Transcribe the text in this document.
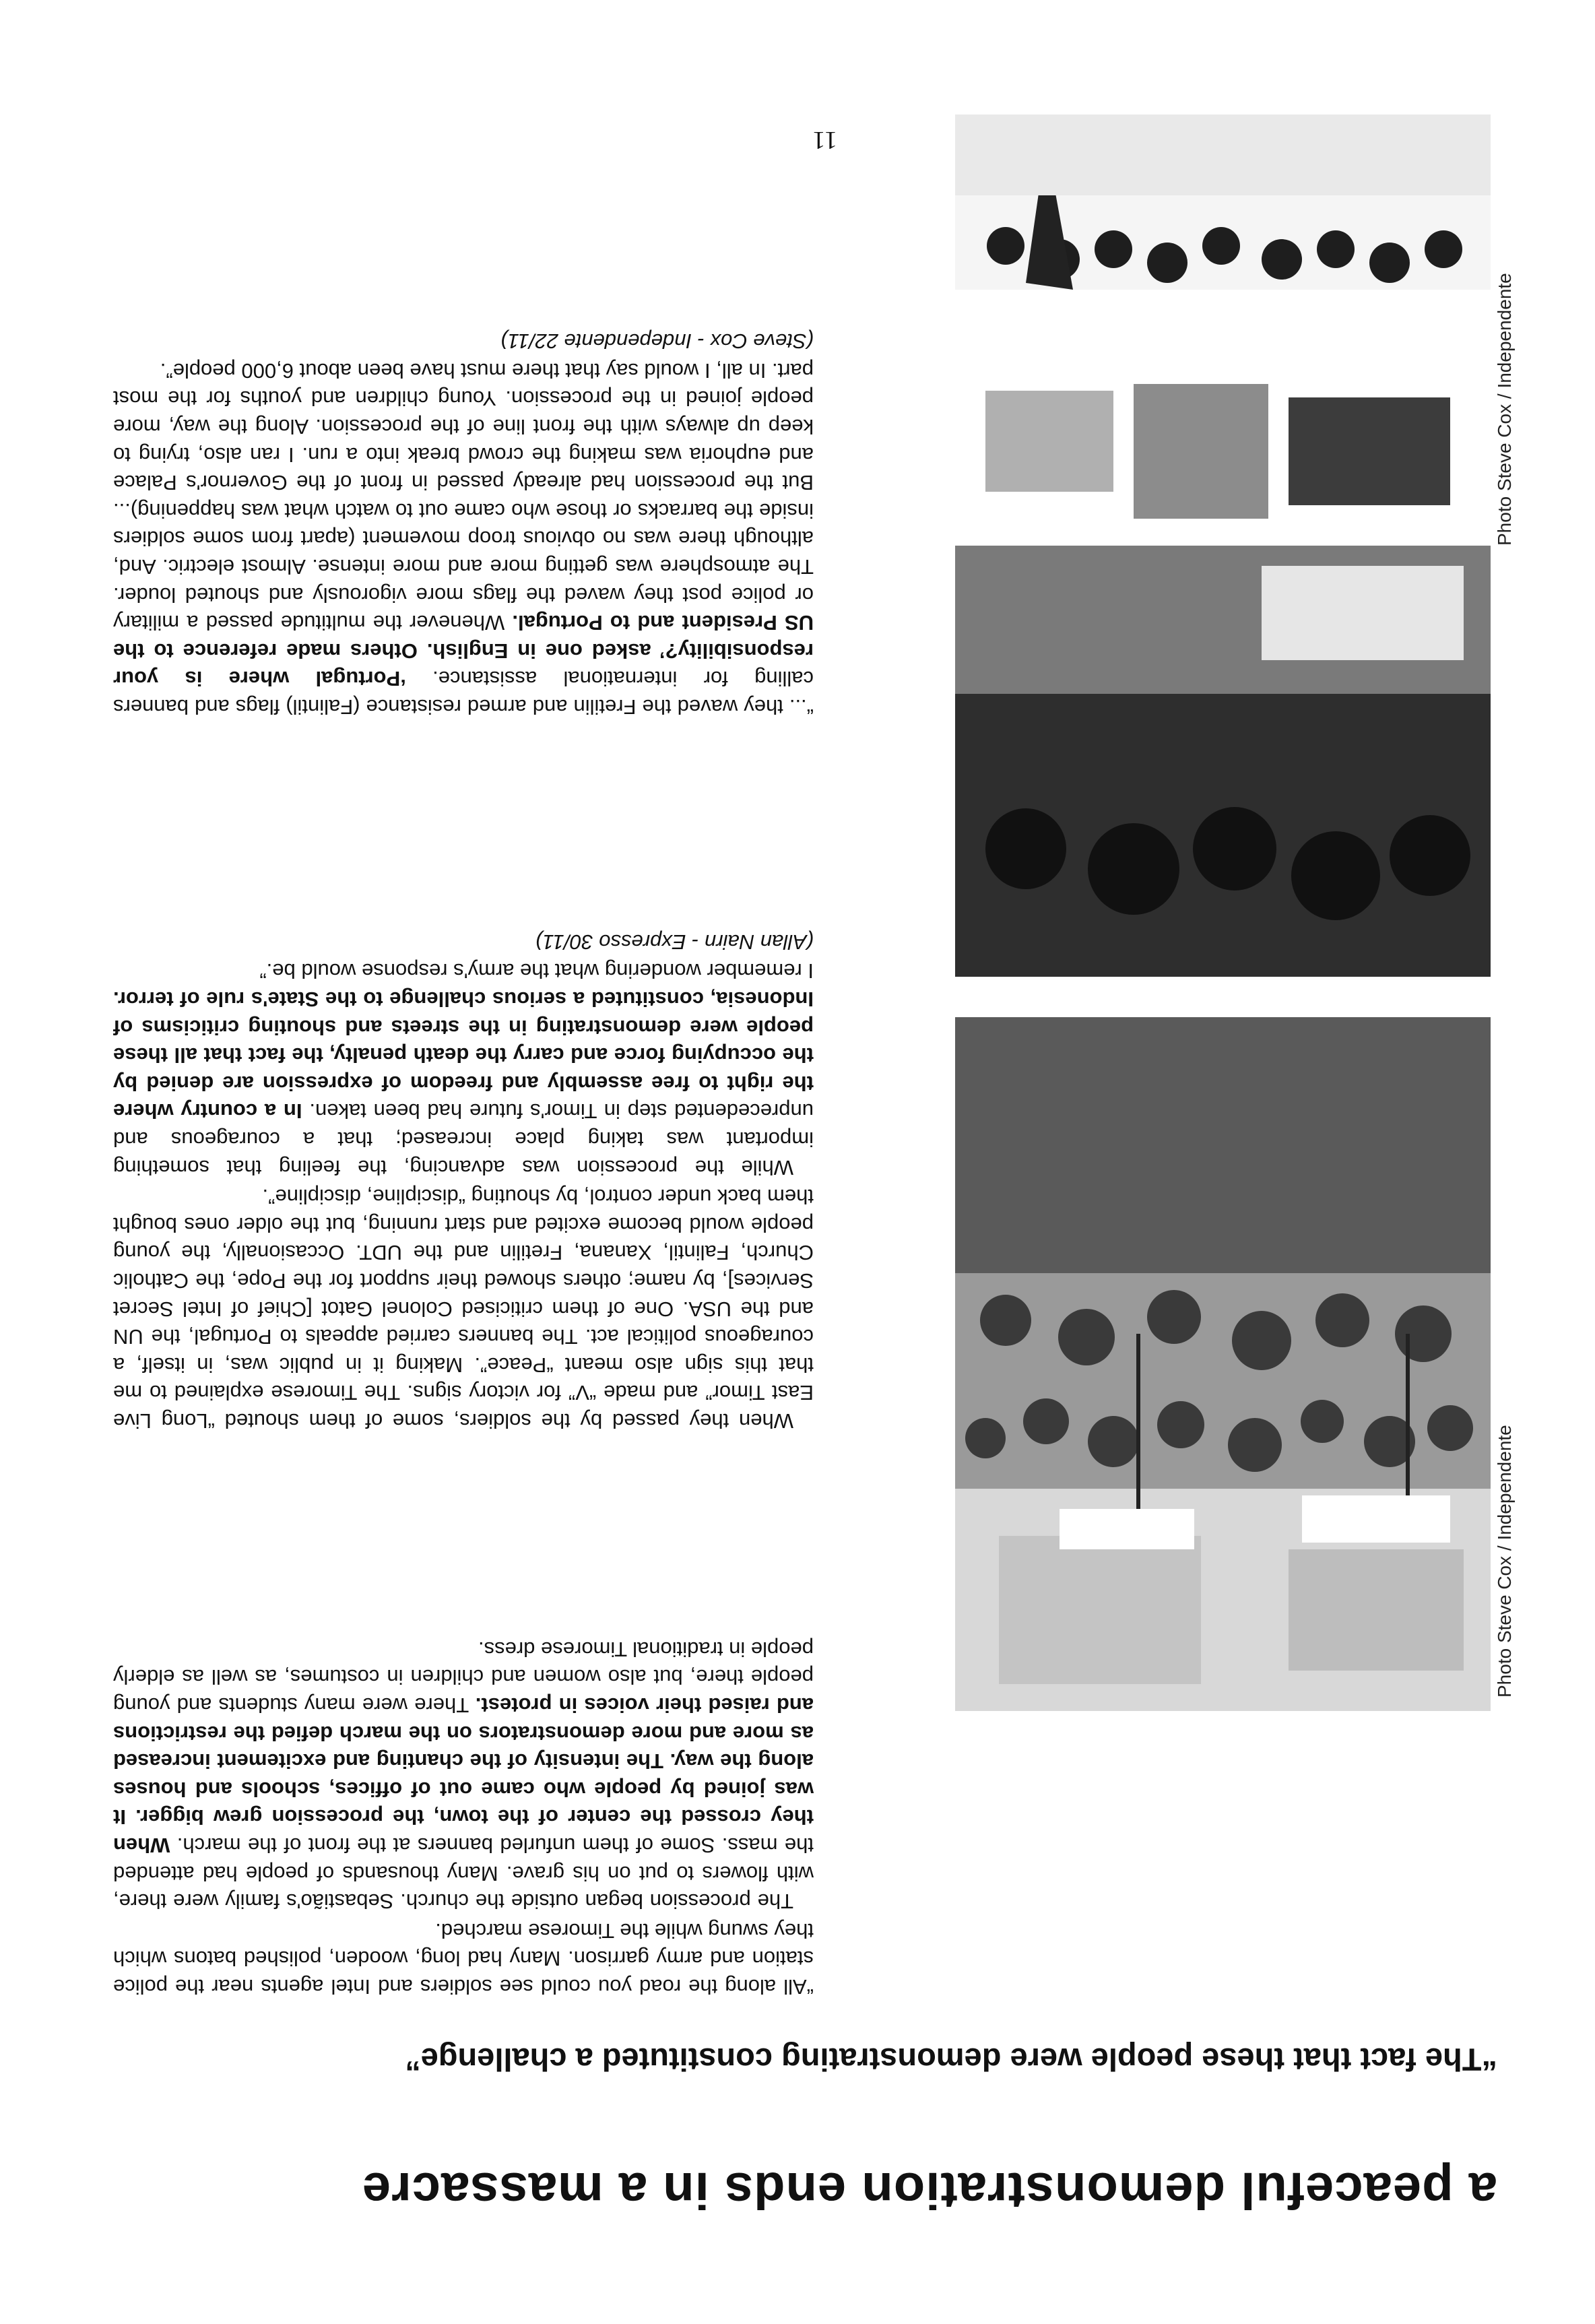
a peaceful demonstration ends in a massacre
“The fact that these people were demonstrating constituted a challenge”
Photo Steve Cox / Independente
Photo Steve Cox / Independente

“All along the road you could see soldiers and Intel agents near the police station and army garrison. Many had long, wooden, polished batons which they swung while the Timorese marched.

The procession began outside the church. Sebastião's family were there, with flowers to put on his grave. Many thousands of people had attended the mass. Some of them unfurled banners at the front of the march. When they crossed the center of the town, the procession grew bigger. It was joined by people who came out of offices, schools and houses along the way. The intensity of the chanting and excitement increased as more and more demonstrators on the march defied the restrictions and raised their voices in protest. There were many students and young people there, but also women and children in costumes, as well as elderly people in traditional Timorese dress.

When they passed by the soldiers, some of them shouted “Long Live East Timor” and made “V” for victory signs. The Timorese explained to me that this sign also meant “Peace”. Making it in public was, in itself, a courageous political act. The banners carried appeals to Portugal, the UN and the USA. One of them criticised Colonel Gatot [Chief of Intel Secret Services], by name; others showed their support for the Pope, the Catholic Church, Falintil, Xanana, Fretilin and the UDT. Occasionally, the young people would become excited and start running, but the older ones bought them back under control, by shouting “discipline, discipline”.

While the procession was advancing, the feeling that something important was taking place increased; that a courageous and unprecedented step in Timor's future had been taken. In a country where the right to free assembly and freedom of expression are denied by the occupying force and carry the death penalty, the fact that all these people were demonstrating in the streets and shouting criticisms of Indonesia, constituted a serious challenge to the State's rule of terror. I remember wondering what the army's response would be.”

(Allan Nairn - Expresso 30/11)

“... they waved the Fretilin and armed resistance (Falintil) flags and banners calling for international assistance. ‘Portugal where is your responsibility?’ asked one in English. Others made reference to the US President and to Portugal. Whenever the multitude passed a military or police post they waved the flags more vigorously and shouted louder. The atmosphere was getting more and more intense. Almost electric. And, although there was no obvious troop movement (apart from some soldiers inside the barracks or those who came out to watch what was happening)... But the procession had already passed in front of the Governor's Palace and euphoria was making the crowd break into a run. I ran also, trying to keep up always with the front line of the procession. Along the way, more people joined in the procession. Young children and youths for the most part. In all, I would say that there must have been about 6,000 people”.

(Steve Cox - Independente 22/11)

11
